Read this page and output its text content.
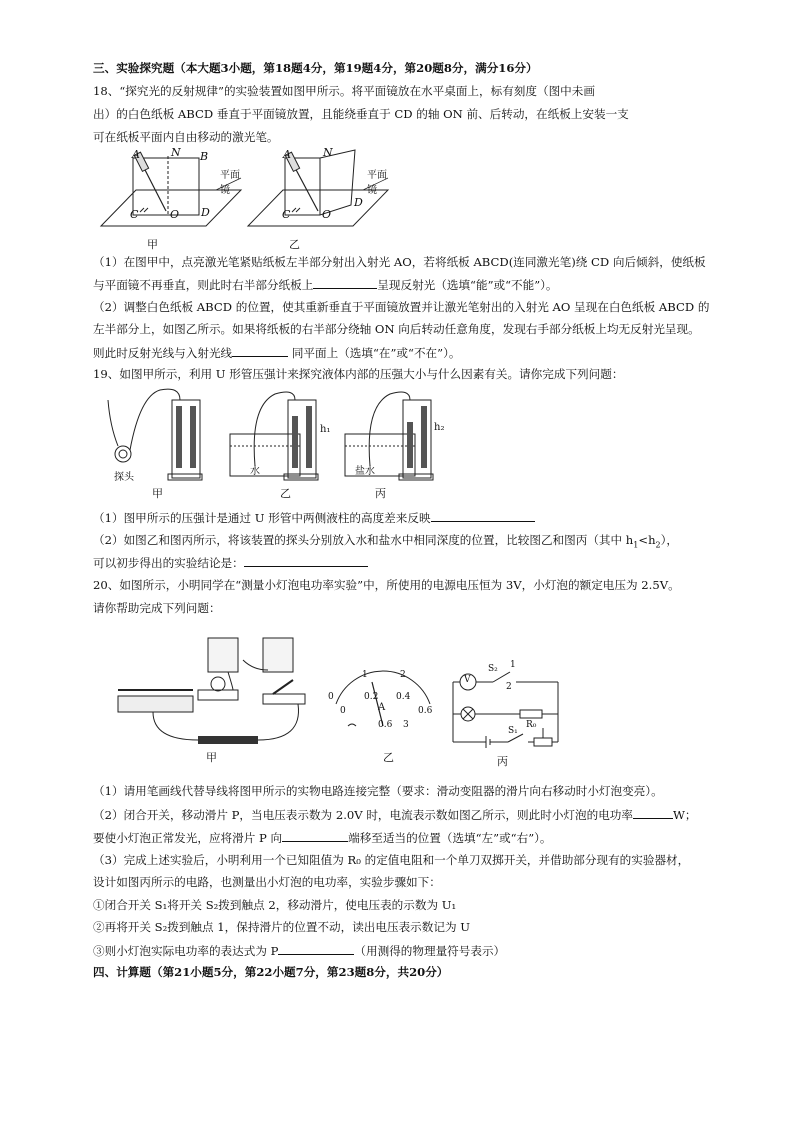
三、实验探究题（本大题3小题，第18题4分，第19题4分，第20题8分，满分16分）
18、“探究光的反射规律”的实验装置如图甲所示。将平面镜放在水平桌面上，标有刻度（图中未画
出）的白色纸板 ABCD 垂直于平面镜放置，且能绕垂直于 CD 的轴 ON 前、后转动，在纸板上安装一支
可在纸板平面内自由移动的激光笔。
A	N B
平面镜
C	O D
甲
A	N
平面镜
C	O
D
乙
（1）在图甲中，点亮激光笔紧贴纸板左半部分射出入射光 AO，若将纸板 ABCD(连同激光笔)绕 CD 向后倾斜，使纸板
与平面镜不再垂直，则此时右半部分纸板上	呈现反射光（选填“能”或“不能”）。
（2）调整白色纸板 ABCD 的位置，使其重新垂直于平面镜放置并让激光笔射出的入射光 AO 呈现在白色纸板 ABCD 的
左半部分上，如图乙所示。如果将纸板的右半部分绕轴 ON 向后转动任意角度，发现右手部分纸板上均无反射光呈现。
则此时反射光线与入射光线	同平面上（选填“在”或“不在”）。
19、如图甲所示，利用 U 形管压强计来探究液体内部的压强大小与什么因素有关。请你完成下列问题：
探头
水	盐水
h₁	h₂
甲	乙	丙
（1）图甲所示的压强计是通过 U 形管中两侧液柱的高度差来反映
（2）如图乙和图丙所示，将该装置的探头分别放入水和盐水中相同深度的位置，比较图乙和图丙（其中 $h_1<h_2$），
可以初步得出的实验结论是：
20、如图所示，小明同学在“测量小灯泡电功率实验”中，所使用的电源电压恒为 3V，小灯泡的额定电压为 2.5V。
请你帮助完成下列问题：
甲
1	2
0	0.2 0.4
0.6
0	A
0.6 3
乙
V
S₂ 1
2
R₀
S₁
丙
（1）请用笔画线代替导线将图甲所示的实物电路连接完整（要求：滑动变阻器的滑片向右移动时小灯泡变亮）。
（2）闭合开关，移动滑片 P，当电压表示数为 2.0V 时，电流表示数如图乙所示，则此时小灯泡的电功率	W；
要使小灯泡正常发光，应将滑片 P 向	端移至适当的位置（选填“左”或“右”）。
（3）完成上述实验后，小明利用一个已知阻值为 R₀ 的定值电阻和一个单刀双掷开关，并借助部分现有的实验器材，
设计如图丙所示的电路，也测量出小灯泡的电功率，实验步骤如下：
①闭合开关 S₁将开关 S₂拨到触点 2，移动滑片，使电压表的示数为 U₁
②再将开关 S₂拨到触点 1，保持滑片的位置不动，读出电压表示数记为 U
③则小灯泡实际电功率的表达式为 P	（用测得的物理量符号表示）
四、计算题（第21小题5分，第22小题7分，第23题8分，共20分）
